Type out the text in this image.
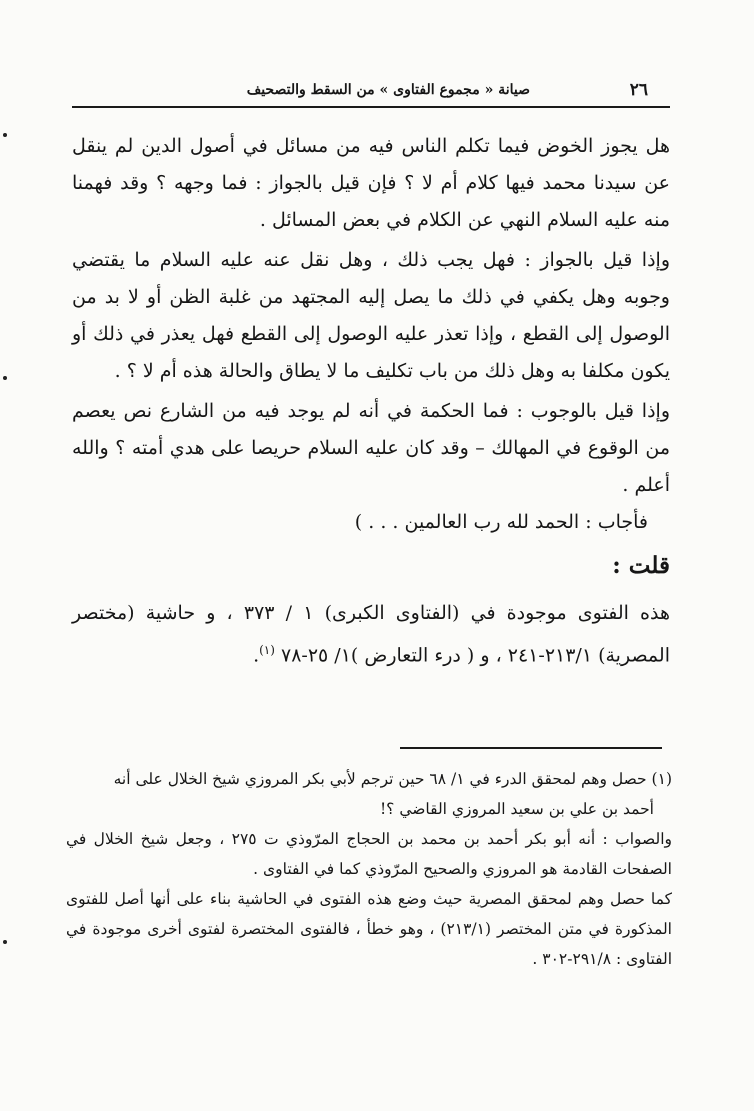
٢٦
صيانة « مجموع الفتاوى » من السقط والتصحيف

هل يجوز الخوض فيما تكلم الناس فيه من مسائل في أصول الدين لم ينقل عن سيدنا محمد فيها كلام أم لا ؟ فإن قيل بالجواز : فما وجهه ؟ وقد فهمنا منه عليه السلام النهي عن الكلام في بعض المسائل .

وإذا قيل بالجواز : فهل يجب ذلك ، وهل نقل عنه عليه السلام ما يقتضي وجوبه وهل يكفي في ذلك ما يصل إليه المجتهد من غلبة الظن أو لا بد من الوصول إلى القطع ، وإذا تعذر عليه الوصول إلى القطع فهل يعذر في ذلك أو يكون مكلفا به وهل ذلك من باب تكليف ما لا يطاق والحالة هذه أم لا ؟ .

وإذا قيل بالوجوب : فما الحكمة في أنه لم يوجد فيه من الشارع نص يعصم من الوقوع في المهالك – وقد كان عليه السلام حريصا على هدي أمته ؟ والله أعلم .

فأجاب : الحمد لله رب العالمين . . . )

قلت :

هذه الفتوى موجودة في (الفتاوى الكبرى) ١ / ٣٧٣ ، و حاشية (مختصر المصرية) ٢١٣/١-٢٤١ ، و ( درء التعارض )١/ ٢٥-٧٨ $^{(١)}$.

(١) حصل وهم لمحقق الدرء في ١/ ٦٨ حين ترجم لأبي بكر المروزي شيخ الخلال على أنه

أحمد بن علي بن سعيد المروزي القاضي ؟!

والصواب : أنه أبو بكر أحمد بن محمد بن الحجاج المرّوذي ت ٢٧٥ ، وجعل شيخ الخلال في الصفحات القادمة هو المروزي والصحيح المرّوذي كما في الفتاوى .

كما حصل وهم لمحقق المصرية حيث وضع هذه الفتوى في الحاشية بناء على أنها أصل للفتوى المذكورة في متن المختصر (٢١٣/١) ، وهو خطأ ، فالفتوى المختصرة لفتوى أخرى موجودة في الفتاوى : ٢٩١/٨-٣٠٢ .
